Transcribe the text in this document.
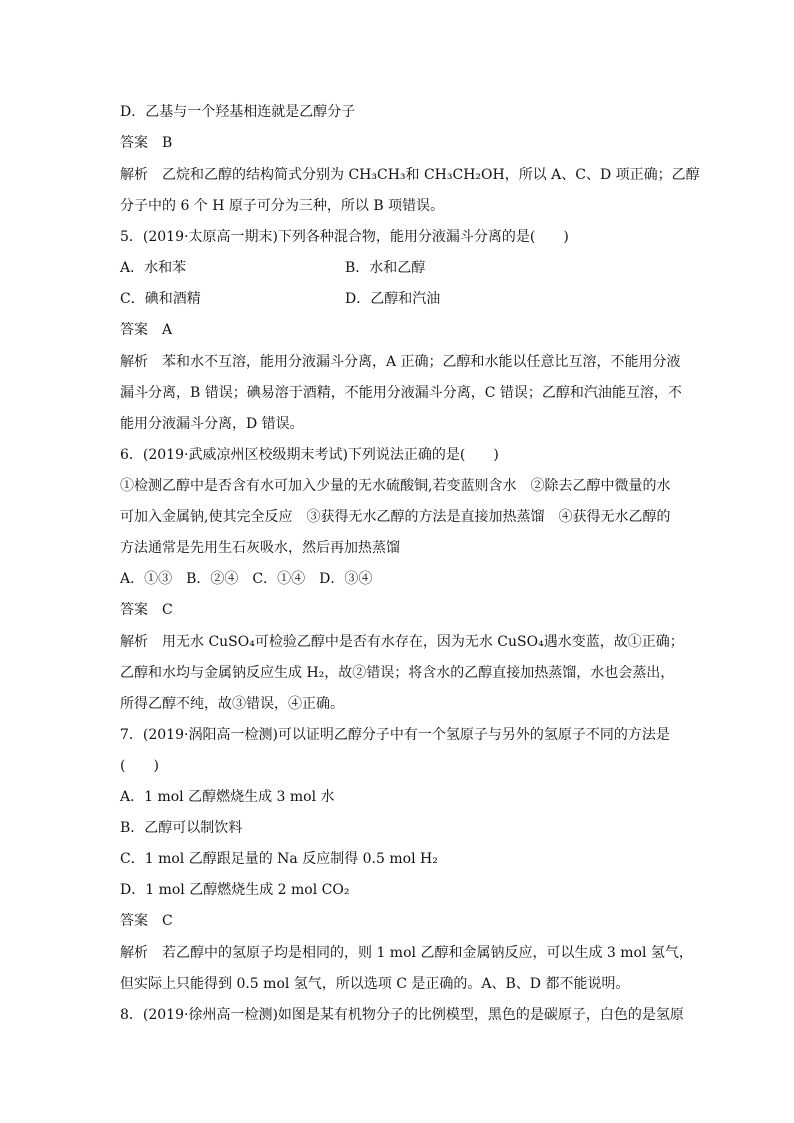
D．乙基与一个羟基相连就是乙醇分子
答案　B
解析　乙烷和乙醇的结构简式分别为 CH₃CH₃和 CH₃CH₂OH，所以 A、C、D 项正确；乙醇
分子中的 6 个 H 原子可分为三种，所以 B 项错误。
5．(2019·太原高一期末)下列各种混合物，能用分液漏斗分离的是(　　)
A．水和苯	B．水和乙醇
C．碘和酒精	D．乙醇和汽油
答案　A
解析　苯和水不互溶，能用分液漏斗分离，A 正确；乙醇和水能以任意比互溶，不能用分液
漏斗分离，B 错误；碘易溶于酒精，不能用分液漏斗分离，C 错误；乙醇和汽油能互溶，不
能用分液漏斗分离，D 错误。
6．(2019·武威凉州区校级期末考试)下列说法正确的是(　　)
①检测乙醇中是否含有水可加入少量的无水硫酸铜,若变蓝则含水　②除去乙醇中微量的水
可加入金属钠,使其完全反应　③获得无水乙醇的方法是直接加热蒸馏　④获得无水乙醇的
方法通常是先用生石灰吸水，然后再加热蒸馏
A．①③　B．②④　C．①④　D．③④
答案　C
解析　用无水 CuSO₄可检验乙醇中是否有水存在，因为无水 CuSO₄遇水变蓝，故①正确；
乙醇和水均与金属钠反应生成 H₂，故②错误；将含水的乙醇直接加热蒸馏，水也会蒸出，
所得乙醇不纯，故③错误，④正确。
7．(2019·涡阳高一检测)可以证明乙醇分子中有一个氢原子与另外的氢原子不同的方法是
(　　)
A．1 mol 乙醇燃烧生成 3 mol 水
B．乙醇可以制饮料
C．1 mol 乙醇跟足量的 Na 反应制得 0.5 mol H₂
D．1 mol 乙醇燃烧生成 2 mol CO₂
答案　C
解析　若乙醇中的氢原子均是相同的，则 1 mol 乙醇和金属钠反应，可以生成 3 mol 氢气，
但实际上只能得到 0.5 mol 氢气，所以选项 C 是正确的。A、B、D 都不能说明。
8．(2019·徐州高一检测)如图是某有机物分子的比例模型，黑色的是碳原子，白色的是氢原
